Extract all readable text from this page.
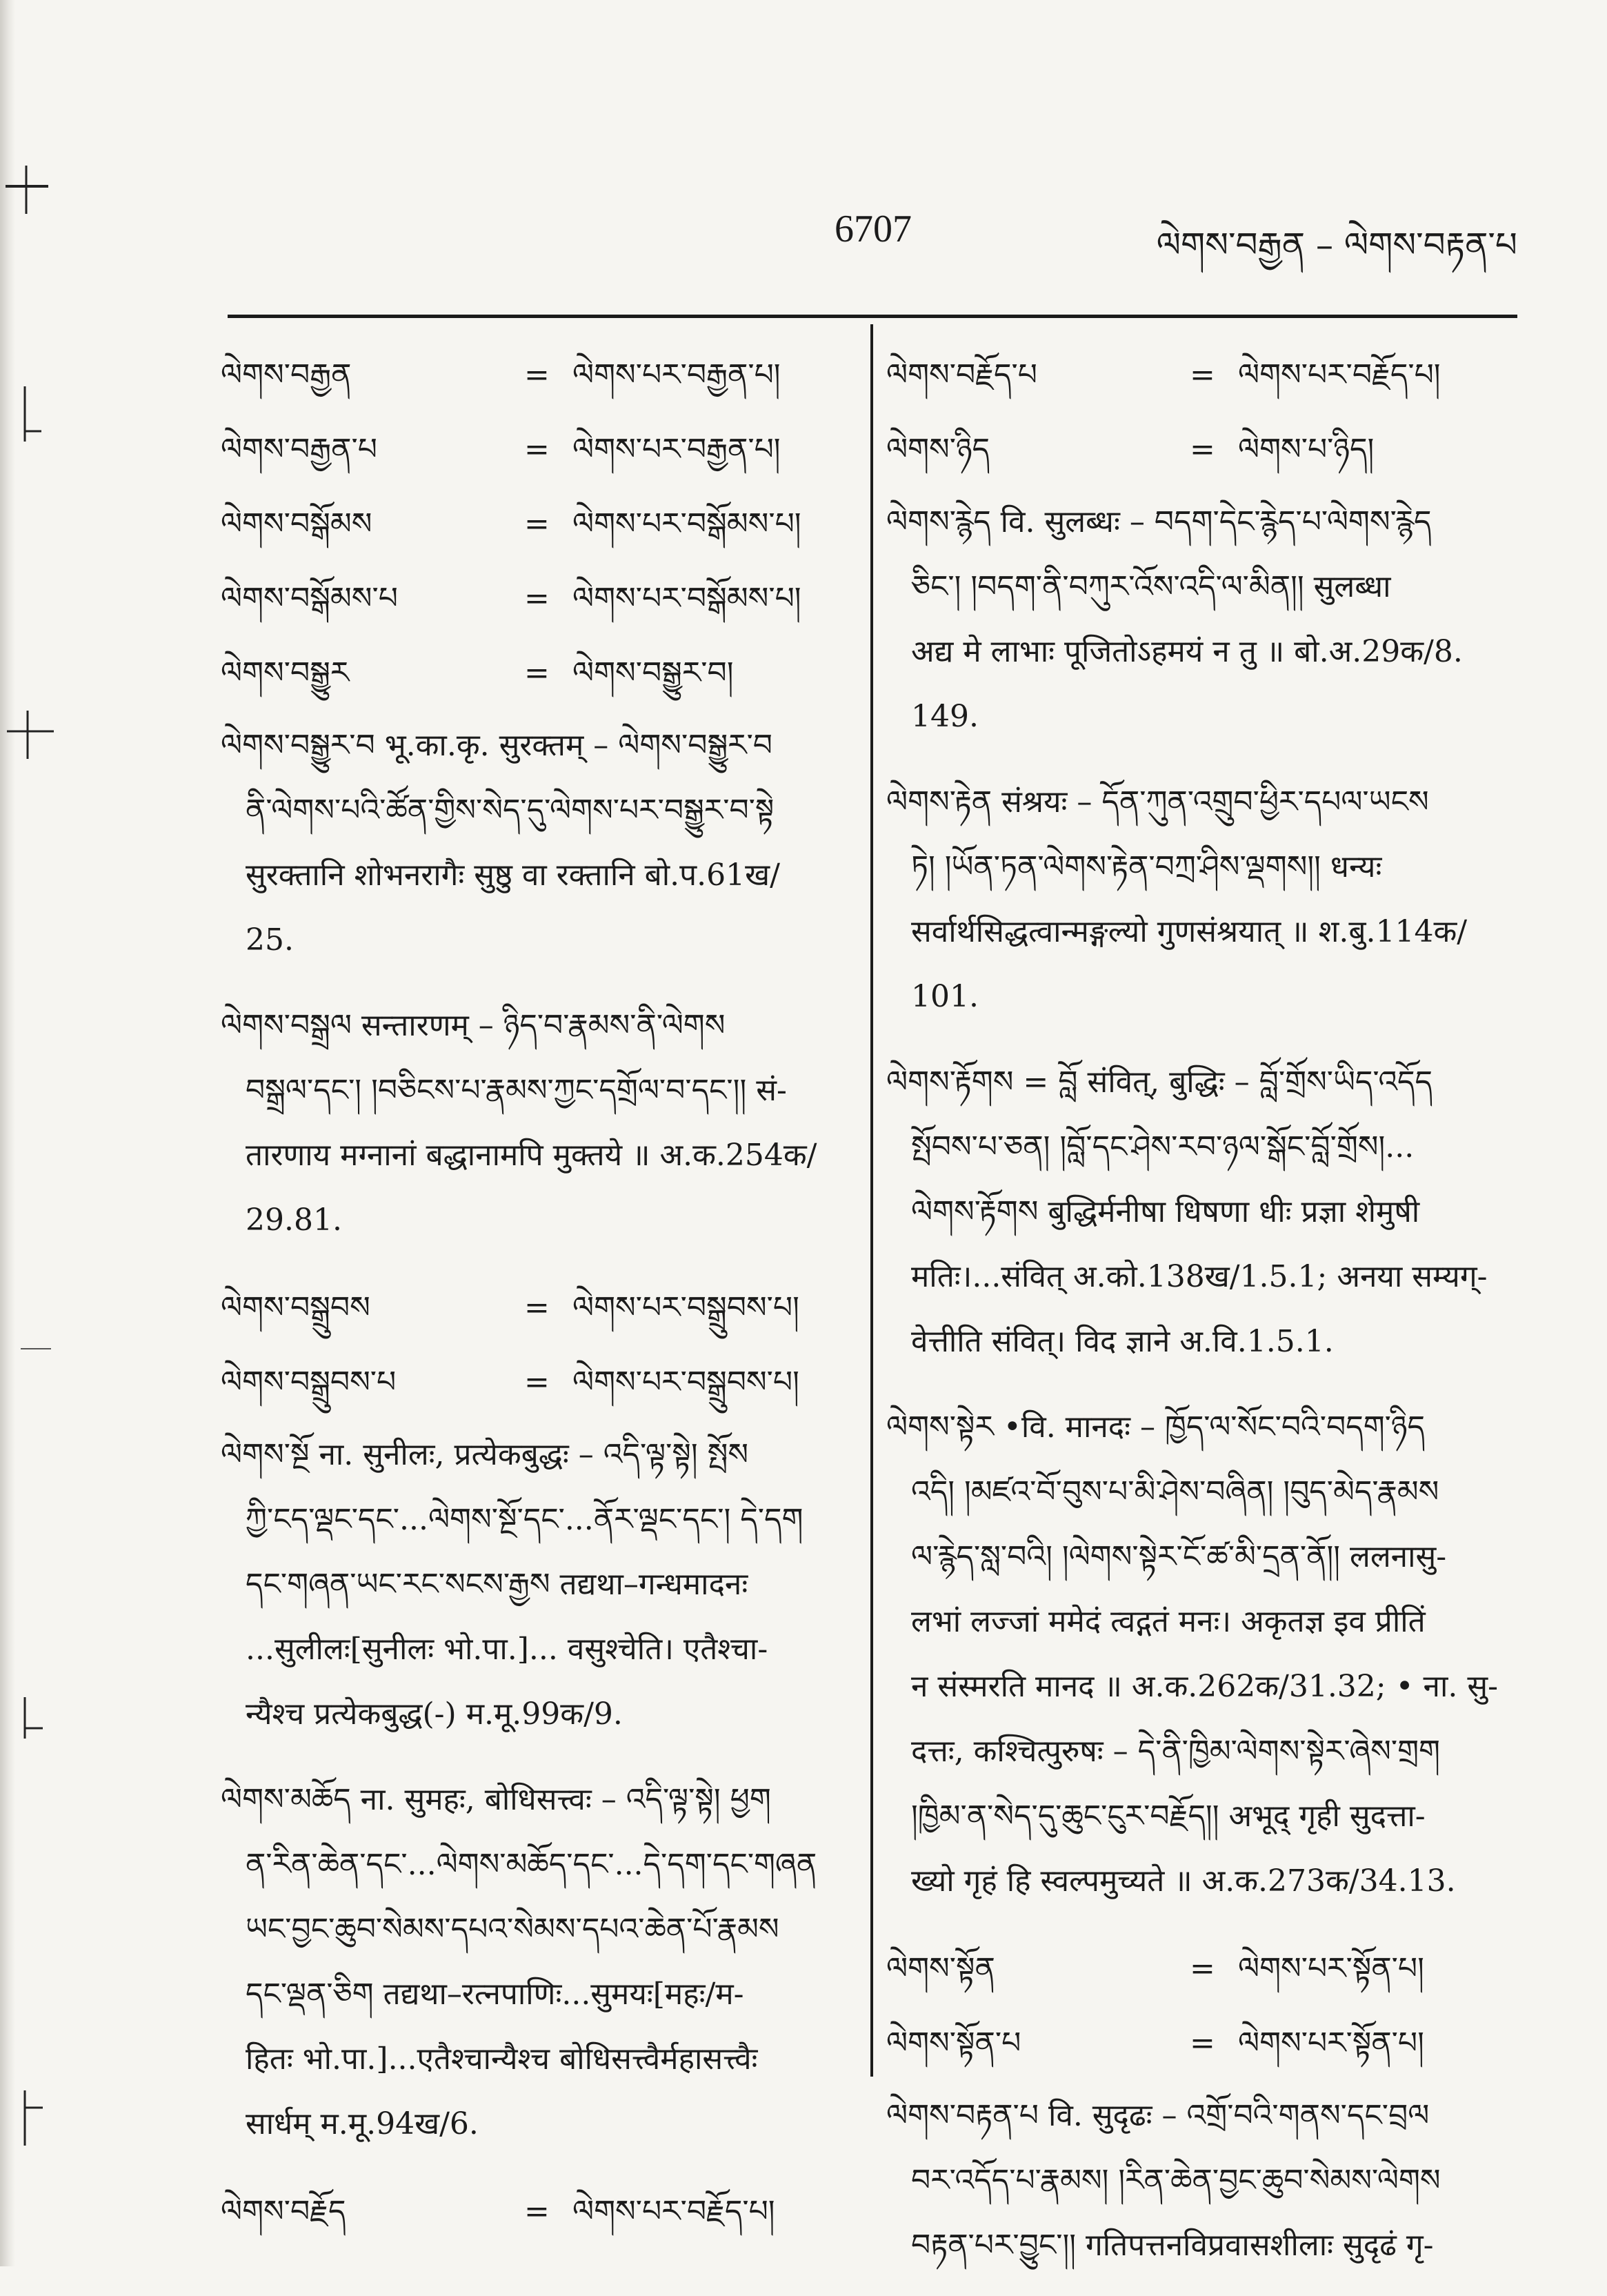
6707	ལེགས་བརྒྱན – ལེགས་བརྟན་པ
ལེགས་བརྒྱན	= ལེགས་པར་བརྒྱན་པ།
ལེགས་བརྒྱན་པ	= ལེགས་པར་བརྒྱན་པ།
ལེགས་བསྒོམས	= ལེགས་པར་བསྒོམས་པ།
ལེགས་བསྒོམས་པ	= ལེགས་པར་བསྒོམས་པ།
ལེགས་བསྒྱུར	= ལེགས་བསྒྱུར་བ།
ལེགས་བསྒྱུར་བ भू.का.कृ. सुरक्तम् – ལེགས་བསྒྱུར་བ
ནི་ལེགས་པའི་ཚོན་གྱིས་སེད་དུ་ལེགས་པར་བསྒྱུར་བ་སྟེ
सुरक्तानि शोभनरागैः सुष्ठु वा रक्तानि बो.प.61ख/
25.
ལེགས་བསྒྲལ सन्तारणम् – ཉིད་བ་རྣམས་ནི་ལེགས
བསྒྲལ་དང་། །བཅིངས་པ་རྣམས་ཀྱང་དགྲོལ་བ་དང་།། सं-
तारणाय मग्नानां बद्धानामपि मुक्तये ॥ अ.क.254क/
29.81.
ལེགས་བསྒྲུབས	= ལེགས་པར་བསྒྲུབས་པ།
ལེགས་བསྒྲུབས་པ	= ལེགས་པར་བསྒྲུབས་པ།
ལེགས་སྔོ ना. सुनीलः, प्रत्येकबुद्धः – འདི་ལྟ་སྟེ། སྤོས
ཀྱི་ངད་ལྡང་དང་...ལེགས་སྔོ་དང་...ནོར་ལྡང་དང་། དེ་དག
དང་གཞན་ཡང་རང་སངས་རྒྱས तद्यथा–गन्धमादनः
...सुलीलः[सुनीलः भो.पा.]... वसुश्चेति। एतैश्चा-
न्यैश्च प्रत्येकबुद्ध(-) म.मू.99क/9.
ལེགས་མཆོད ना. सुमहः, बोधिसत्त्वः – འདི་ལྟ་སྟེ། ཕྱག
ན་རིན་ཆེན་དང་...ལེགས་མཆོད་དང་...དེ་དག་དང་གཞན
ཡང་བྱང་ཆུབ་སེམས་དཔའ་སེམས་དཔའ་ཆེན་པོ་རྣམས
དང་ལྡན་ཅིག तद्यथा–रत्नपाणिः...सुमयः[महः/म-
हितः भो.पा.]...एतैश्चान्यैश्च बोधिसत्त्वैर्महासत्त्वैः
सार्धम् म.मू.94ख/6.
ལེགས་བརྗོད	= ལེགས་པར་བརྗོད་པ།
ལེགས་བརྗོད་པ	= ལེགས་པར་བརྗོད་པ།
ལེགས་ཉིད	= ལེགས་པ་ཉིད།
ལེགས་རྙེད वि. सुलब्धः – བདག་དེང་རྙེད་པ་ལེགས་རྙེད
ཅིང་། །བདག་ནི་བཀུར་འོས་འདི་ལ་མིན།། सुलब्धा
अद्य मे लाभाः पूजितोऽहमयं न तु ॥ बो.अ.29क/8.
149.
ལེགས་རྟེན संश्रयः – དོན་ཀུན་འགྲུབ་ཕྱིར་དཔལ་ཡངས
ཏེ། །ཡོན་ཏན་ལེགས་རྟེན་བཀྲ་ཤིས་ལྡགས།། धन्यः
सर्वार्थसिद्धत्वान्मङ्गल्यो गुणसंश्रयात् ॥ श.बु.114क/
101.
ལེགས་རྟོགས = བློ संवित्, बुद्धिः – བློ་གྲོས་ཡིད་འདོད
སྤོབས་པ་ཅན། །བློ་དང་ཤེས་རབ་ཉལ་སྒོང་བློ་གྲོས།...
ལེགས་རྟོགས बुद्धिर्मनीषा धिषणा धीः प्रज्ञा शेमुषी
मतिः।...संवित् अ.को.138ख/1.5.1; अनया सम्यग्-
वेत्तीति संवित्। विद ज्ञाने अ.वि.1.5.1.
ལེགས་སྟེར •वि. मानदः – ཁྱོད་ལ་སོང་བའི་བདག་ཉིད
འདི། །མཛའ་བོ་བུས་པ་མི་ཤེས་བཞིན། །བུད་མེད་རྣམས
ལ་རྙེད་སླ་བའི། །ལེགས་སྟེར་ངོ་ཚ་མི་དྲན་ནོ།། ललनासु-
लभां लज्जां ममेदं त्वद्गतं मनः। अकृतज्ञ इव प्रीतिं
न संस्मरति मानद ॥ अ.क.262क/31.32; • ना. सु-
दत्तः, कश्चित्पुरुषः – དེ་ནི་ཁྱིམ་ལེགས་སྟེར་ཞེས་གྲག
།ཁྱིམ་ན་སེད་དུ་ཆུང་ངུར་བརྗོད།། अभूद् गृही सुदत्ता-
ख्यो गृहं हि स्वल्पमुच्यते ॥ अ.क.273क/34.13.
ལེགས་སྟོན	= ལེགས་པར་སྟོན་པ།
ལེགས་སྟོན་པ	= ལེགས་པར་སྟོན་པ།
ལེགས་བརྟན་པ वि. सुदृढः – འགྲོ་བའི་གནས་དང་བྲལ
བར་འདོད་པ་རྣམས། །རིན་ཆེན་བྱང་ཆུབ་སེམས་ལེགས
བརྟན་པར་བྱུང་།། गतिपत्तनविप्रवासशीलाः सुदृढं गृ-
